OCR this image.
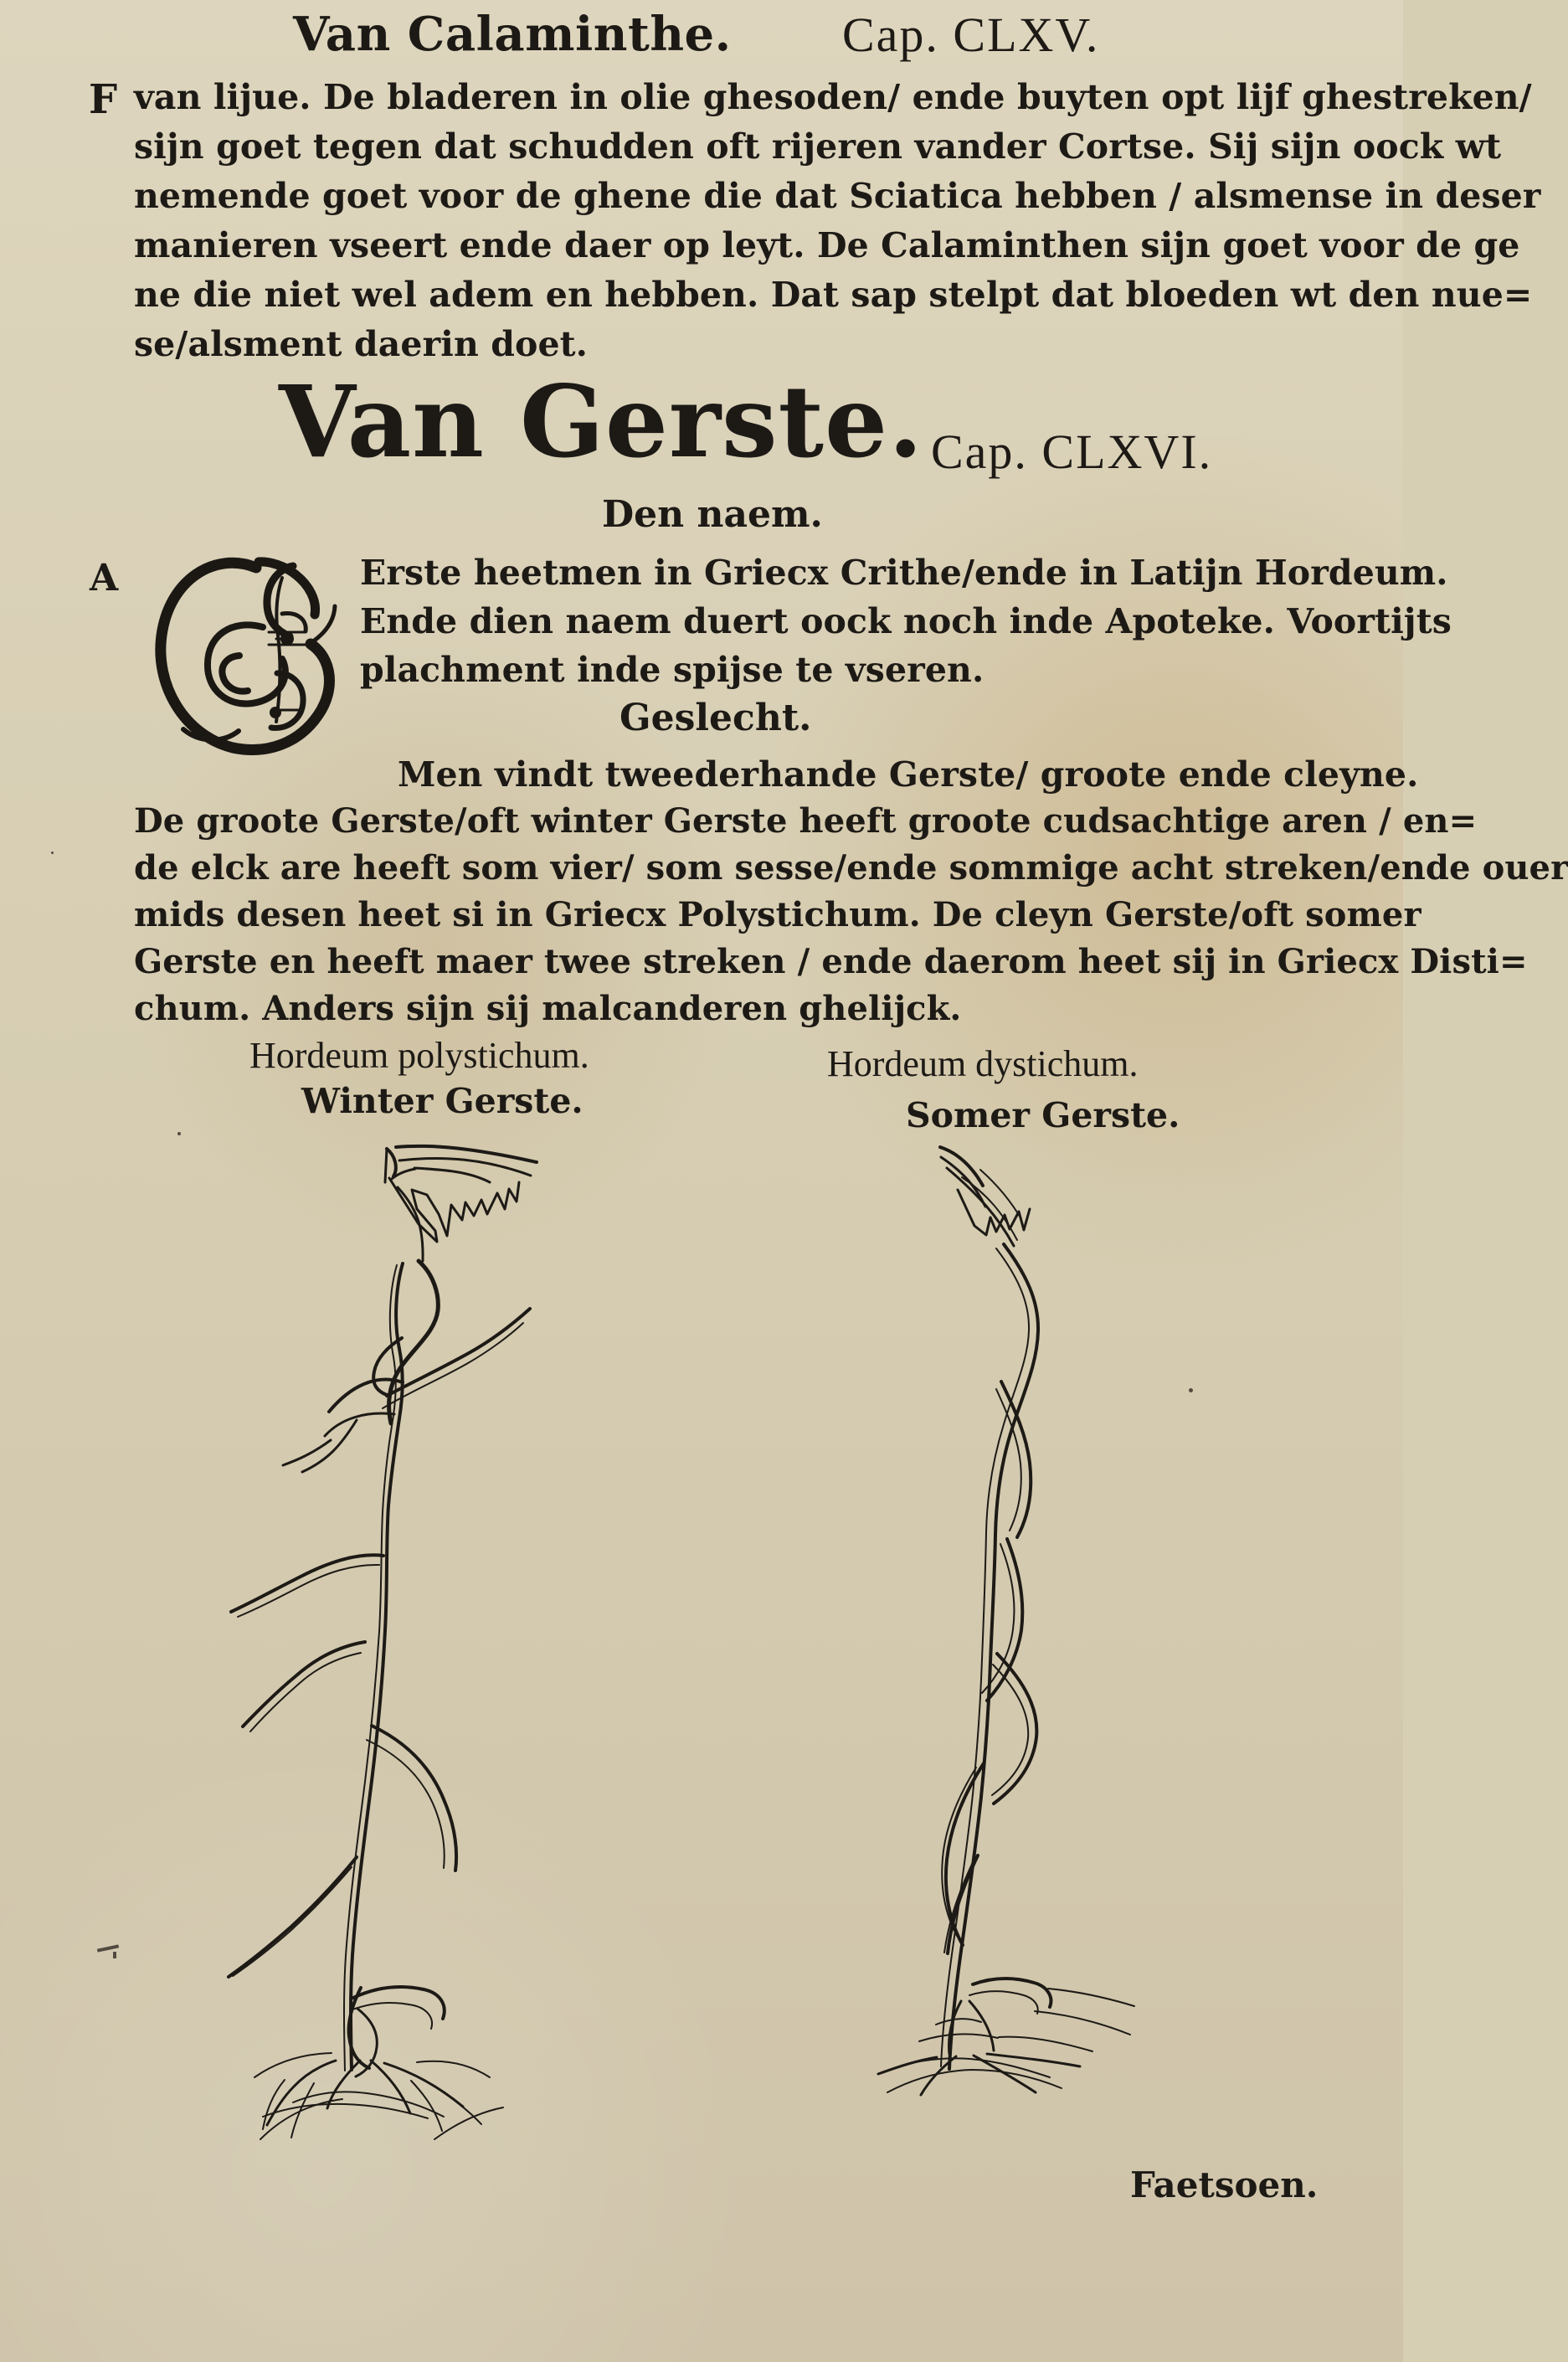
Van Calaminthe. Cap. CLXV.
F van lijue. De bladeren in olie ghesoden/ ende buyten opt lijf ghestreken/
sijn goet tegen dat schudden oft rijeren vander Cortse. Sij sijn oock wt
nemende goet voor de ghene die dat Sciatica hebben / alsmense in deser
manieren vseert ende daer op leyt. De Calaminthen sijn goet voor de ge
ne die niet wel adem en hebben. Dat sap stelpt dat bloeden wt den nue=
se/alsment daerin doet.
Van Gerste. Cap. CLXVI.
Den naem.
A	Erste heetmen in Griecx Crithe/ende in Latijn Hordeum.
Ende dien naem duert oock noch inde Apoteke. Voortijts
plachment inde spijse te vseren.
Geslecht.
Men vindt tweederhande Gerste/ groote ende cleyne.
De groote Gerste/oft winter Gerste heeft groote cudsachtige aren / en=
de elck are heeft som vier/ som sesse/ende sommige acht streken/ende ouer
mids desen heet si in Griecx Polystichum. De cleyn Gerste/oft somer
Gerste en heeft maer twee streken / ende daerom heet sij in Griecx Disti=
chum. Anders sijn sij malcanderen ghelijck.
Hordeum polystichum.
Winter Gerste.
Hordeum dystichum.
Somer Gerste.
Faetsoen.
